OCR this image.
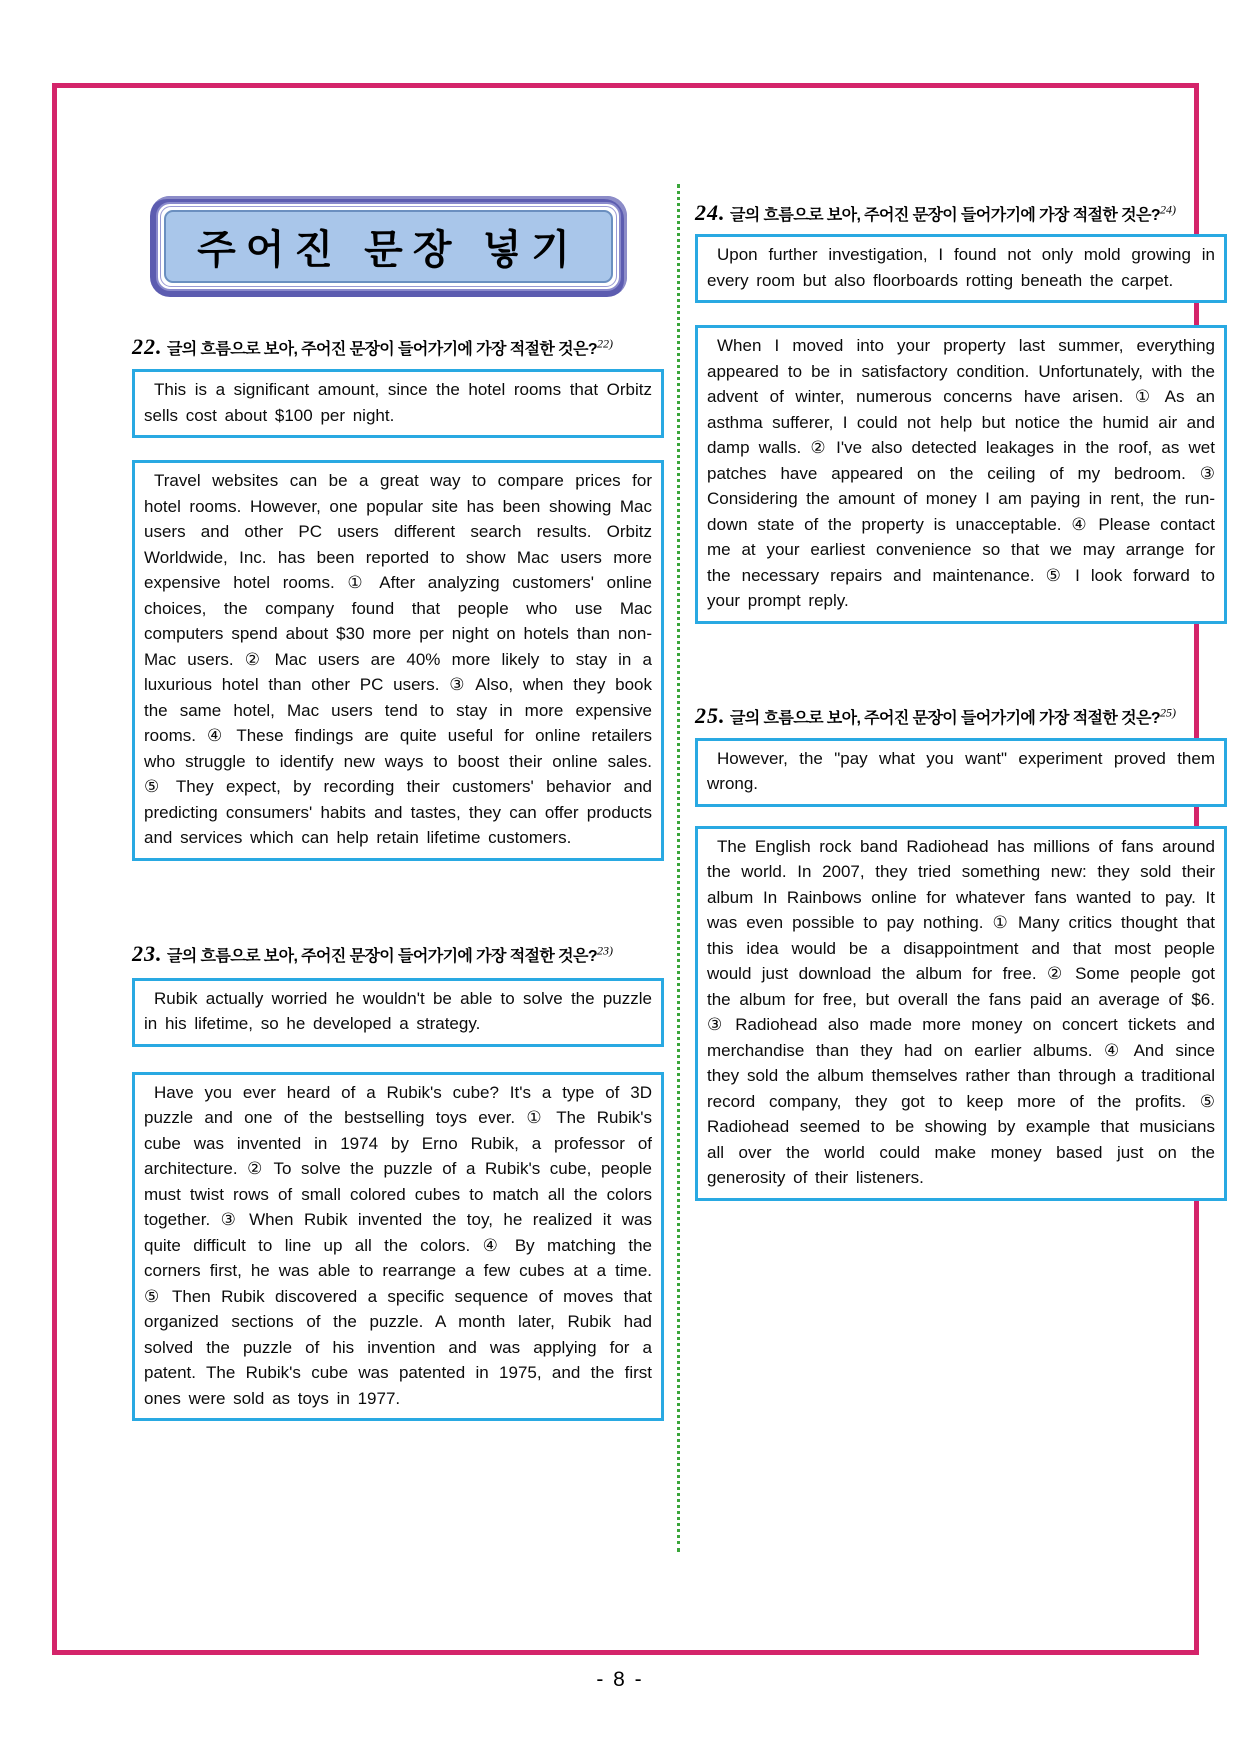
주어진 문장 넣기
22. 글의 흐름으로 보아, 주어진 문장이 들어가기에 가장 적절한 것은?$^{22)}$
This is a significant amount, since the hotel rooms that Orbitz sells cost about $100 per night.
Travel websites can be a great way to compare prices for hotel rooms. However, one popular site has been showing Mac users and other PC users different search results. Orbitz Worldwide, Inc. has been reported to show Mac users more expensive hotel rooms. ① After analyzing customers' online choices, the company found that people who use Mac computers spend about $30 more per night on hotels than non-Mac users. ② Mac users are 40% more likely to stay in a luxurious hotel than other PC users. ③ Also, when they book the same hotel, Mac users tend to stay in more expensive rooms. ④ These findings are quite useful for online retailers who struggle to identify new ways to boost their online sales. ⑤ They expect, by recording their customers' behavior and predicting consumers' habits and tastes, they can offer products and services which can help retain lifetime customers.
23. 글의 흐름으로 보아, 주어진 문장이 들어가기에 가장 적절한 것은?$^{23)}$
Rubik actually worried he wouldn't be able to solve the puzzle in his lifetime, so he developed a strategy.
Have you ever heard of a Rubik's cube? It's a type of 3D puzzle and one of the bestselling toys ever. ① The Rubik's cube was invented in 1974 by Erno Rubik, a professor of architecture. ② To solve the puzzle of a Rubik's cube, people must twist rows of small colored cubes to match all the colors together. ③ When Rubik invented the toy, he realized it was quite difficult to line up all the colors. ④ By matching the corners first, he was able to rearrange a few cubes at a time. ⑤ Then Rubik discovered a specific sequence of moves that organized sections of the puzzle. A month later, Rubik had solved the puzzle of his invention and was applying for a patent. The Rubik's cube was patented in 1975, and the first ones were sold as toys in 1977.
24. 글의 흐름으로 보아, 주어진 문장이 들어가기에 가장 적절한 것은?$^{24)}$
Upon further investigation, I found not only mold growing in every room but also floorboards rotting beneath the carpet.
When I moved into your property last summer, everything appeared to be in satisfactory condition. Unfortunately, with the advent of winter, numerous concerns have arisen. ① As an asthma sufferer, I could not help but notice the humid air and damp walls. ② I've also detected leakages in the roof, as wet patches have appeared on the ceiling of my bedroom. ③ Considering the amount of money I am paying in rent, the run-down state of the property is unacceptable. ④ Please contact me at your earliest convenience so that we may arrange for the necessary repairs and maintenance. ⑤ I look forward to your prompt reply.
25. 글의 흐름으로 보아, 주어진 문장이 들어가기에 가장 적절한 것은?$^{25)}$
However, the "pay what you want" experiment proved them wrong.
The English rock band Radiohead has millions of fans around the world. In 2007, they tried something new: they sold their album In Rainbows online for whatever fans wanted to pay. It was even possible to pay nothing. ① Many critics thought that this idea would be a disappointment and that most people would just download the album for free. ② Some people got the album for free, but overall the fans paid an average of $6. ③ Radiohead also made more money on concert tickets and merchandise than they had on earlier albums. ④ And since they sold the album themselves rather than through a traditional record company, they got to keep more of the profits. ⑤ Radiohead seemed to be showing by example that musicians all over the world could make money based just on the generosity of their listeners.
- 8 -
